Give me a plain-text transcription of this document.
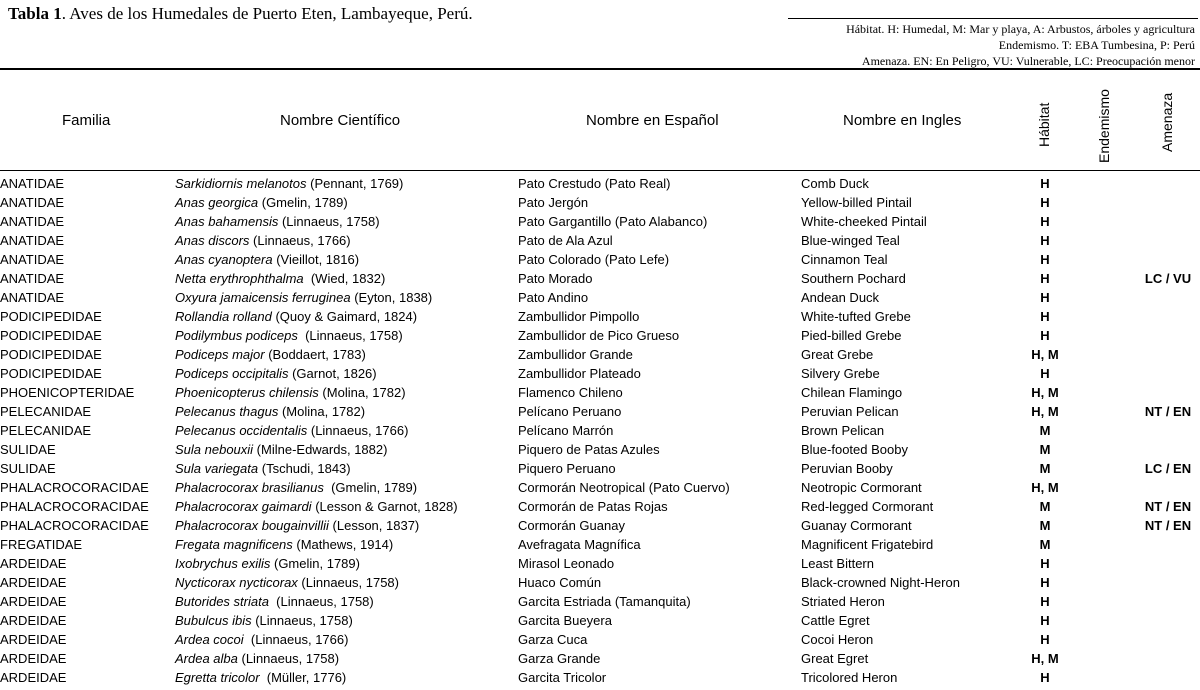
Tabla 1. Aves de los Humedales de Puerto Eten, Lambayeque, Perú.
Hábitat. H: Humedal, M: Mar y playa, A: Arbustos, árboles y agricultura
Endemismo. T: EBA Tumbesina, P: Perú
Amenaza. EN: En Peligro, VU: Vulnerable, LC: Preocupación menor
Familia	Nombre Científico	Nombre en Español	Nombre en Ingles	Hábitat	Endemismo	Amenaza
ANATIDAE	Sarkidiornis melanotos (Pennant, 1769)	Pato Crestudo (Pato Real)	Comb Duck	H		
ANATIDAE	Anas georgica (Gmelin, 1789)	Pato Jergón	Yellow-billed Pintail	H		
ANATIDAE	Anas bahamensis (Linnaeus, 1758)	Pato Gargantillo (Pato Alabanco)	White-cheeked Pintail	H		
ANATIDAE	Anas discors (Linnaeus, 1766)	Pato de Ala Azul	Blue-winged Teal	H		
ANATIDAE	Anas cyanoptera (Vieillot, 1816)	Pato Colorado (Pato Lefe)	Cinnamon Teal	H		
ANATIDAE	Netta erythrophthalma  (Wied, 1832)	Pato Morado	Southern Pochard	H		LC / VU
ANATIDAE	Oxyura jamaicensis ferruginea (Eyton, 1838)	Pato Andino	Andean Duck	H		
PODICIPEDIDAE	Rollandia rolland (Quoy & Gaimard, 1824)	Zambullidor Pimpollo	White-tufted Grebe	H		
PODICIPEDIDAE	Podilymbus podiceps  (Linnaeus, 1758)	Zambullidor de Pico Grueso	Pied-billed Grebe	H		
PODICIPEDIDAE	Podiceps major (Boddaert, 1783)	Zambullidor Grande	Great Grebe	H, M		
PODICIPEDIDAE	Podiceps occipitalis (Garnot, 1826)	Zambullidor Plateado	Silvery Grebe	H		
PHOENICOPTERIDAE	Phoenicopterus chilensis (Molina, 1782)	Flamenco Chileno	Chilean Flamingo	H, M		
PELECANIDAE	Pelecanus thagus (Molina, 1782)	Pelícano Peruano	Peruvian Pelican	H, M		NT / EN
PELECANIDAE	Pelecanus occidentalis (Linnaeus, 1766)	Pelícano Marrón	Brown Pelican	M		
SULIDAE	Sula nebouxii (Milne-Edwards, 1882)	Piquero de Patas Azules	Blue-footed Booby	M		
SULIDAE	Sula variegata (Tschudi, 1843)	Piquero Peruano	Peruvian Booby	M		LC / EN
PHALACROCORACIDAE	Phalacrocorax brasilianus  (Gmelin, 1789)	Cormorán Neotropical (Pato Cuervo)	Neotropic Cormorant	H, M		
PHALACROCORACIDAE	Phalacrocorax gaimardi (Lesson & Garnot, 1828)	Cormorán de Patas Rojas	Red-legged Cormorant	M		NT / EN
PHALACROCORACIDAE	Phalacrocorax bougainvillii (Lesson, 1837)	Cormorán Guanay	Guanay Cormorant	M		NT / EN
FREGATIDAE	Fregata magnificens (Mathews, 1914)	Avefragata Magnífica	Magnificent Frigatebird	M		
ARDEIDAE	Ixobrychus exilis (Gmelin, 1789)	Mirasol Leonado	Least Bittern	H		
ARDEIDAE	Nycticorax nycticorax (Linnaeus, 1758)	Huaco Común	Black-crowned Night-Heron	H		
ARDEIDAE	Butorides striata  (Linnaeus, 1758)	Garcita Estriada (Tamanquita)	Striated Heron	H		
ARDEIDAE	Bubulcus ibis (Linnaeus, 1758)	Garcita Bueyera	Cattle Egret	H		
ARDEIDAE	Ardea cocoi  (Linnaeus, 1766)	Garza Cuca	Cocoi Heron	H		
ARDEIDAE	Ardea alba (Linnaeus, 1758)	Garza Grande	Great Egret	H, M		
ARDEIDAE	Egretta tricolor  (Müller, 1776)	Garcita Tricolor	Tricolored Heron	H		
